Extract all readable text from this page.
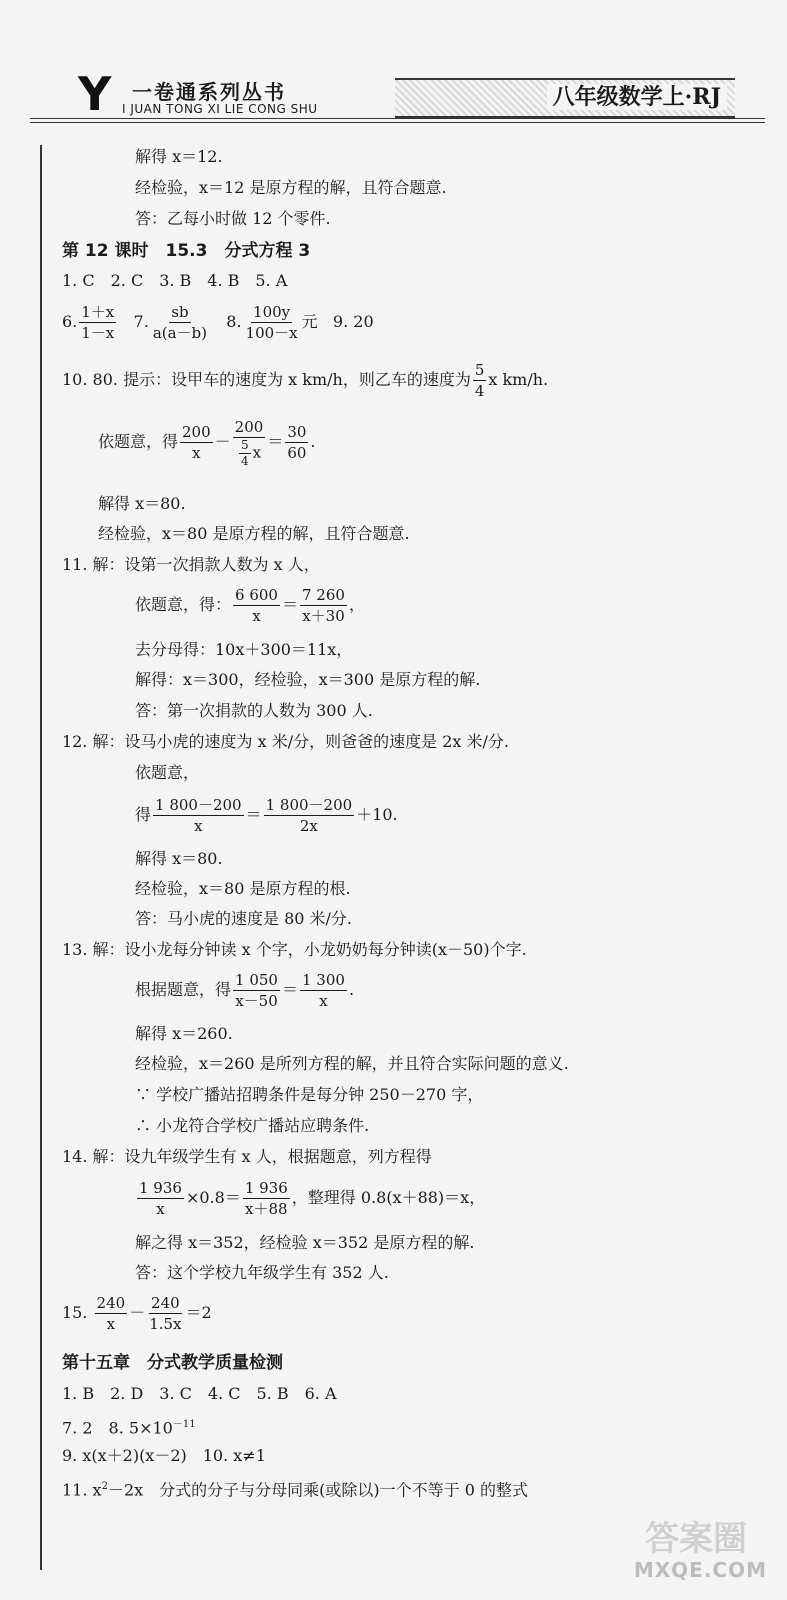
Y 一卷通系列丛书
I JUAN TONG XI LIE CONG SHU	八年级数学上·RJ
解得 x＝12.
经检验，x＝12 是原方程的解，且符合题意.
答：乙每小时做 12 个零件.
第 12 课时　15.3　分式方程 3
1. C　2. C　3. B　4. B　5. A
6. $\frac{1+x}{1-x} 7$. $\frac{sb}{a(a-b)} 8$. $\frac{100y}{100-x}$ 元 9. 20
10. 80. 提示：设甲车的速度为 x km/h，则乙车的速度为 $\frac{5}{4}$ x km/h.
依题意，得 $\frac{200}{x} - \frac{200}{\frac{5}{4} x} = \frac{30}{60}$ .
解得 x＝80.
经检验，x＝80 是原方程的解，且符合题意.
11. 解：设第一次捐款人数为 x 人，
依题意，得： $\frac{6 600}{x} = \frac{7 260}{x+30}$ ，
去分母得：10x＋300＝11x，
解得：x＝300，经检验，x＝300 是原方程的解.
答：第一次捐款的人数为 300 人.
12. 解：设马小虎的速度为 x 米/分，则爸爸的速度是 2x 米/分.
依题意，
得 $\frac{1 800-200}{x} = \frac{1 800-200}{2x} +10$.
解得 x＝80.
经检验，x＝80 是原方程的根.
答：马小虎的速度是 80 米/分.
13. 解：设小龙每分钟读 x 个字，小龙奶奶每分钟读(x－50)个字.
根据题意，得 $\frac{1 050}{x-50} = \frac{1 300}{x}$ .
解得 x＝260.
经检验，x＝260 是所列方程的解，并且符合实际问题的意义.
∵ 学校广播站招聘条件是每分钟 250－270 字，
∴ 小龙符合学校广播站应聘条件.
14. 解：设九年级学生有 x 人，根据题意，列方程得
$\frac{1 936}{x} \times 0.8= \frac{1 936}{x+88}$ ，整理得 0.8(x＋88)＝x，
解之得 x＝352，经检验 x＝352 是原方程的解.
答：这个学校九年级学生有 352 人.
15. $\frac{240}{x} - \frac{240}{1.5x} =2$
第十五章　分式教学质量检测
1. B　2. D　3. C　4. C　5. B　6. A
7. 2　8. $5\times 10^{-11}$
9. x(x＋2)(x－2)　10. x≠1
11. $x^2-2x$　分式的分子与分母同乘(或除以)一个不等于 0 的整式
答案圈
MXQE.COM
